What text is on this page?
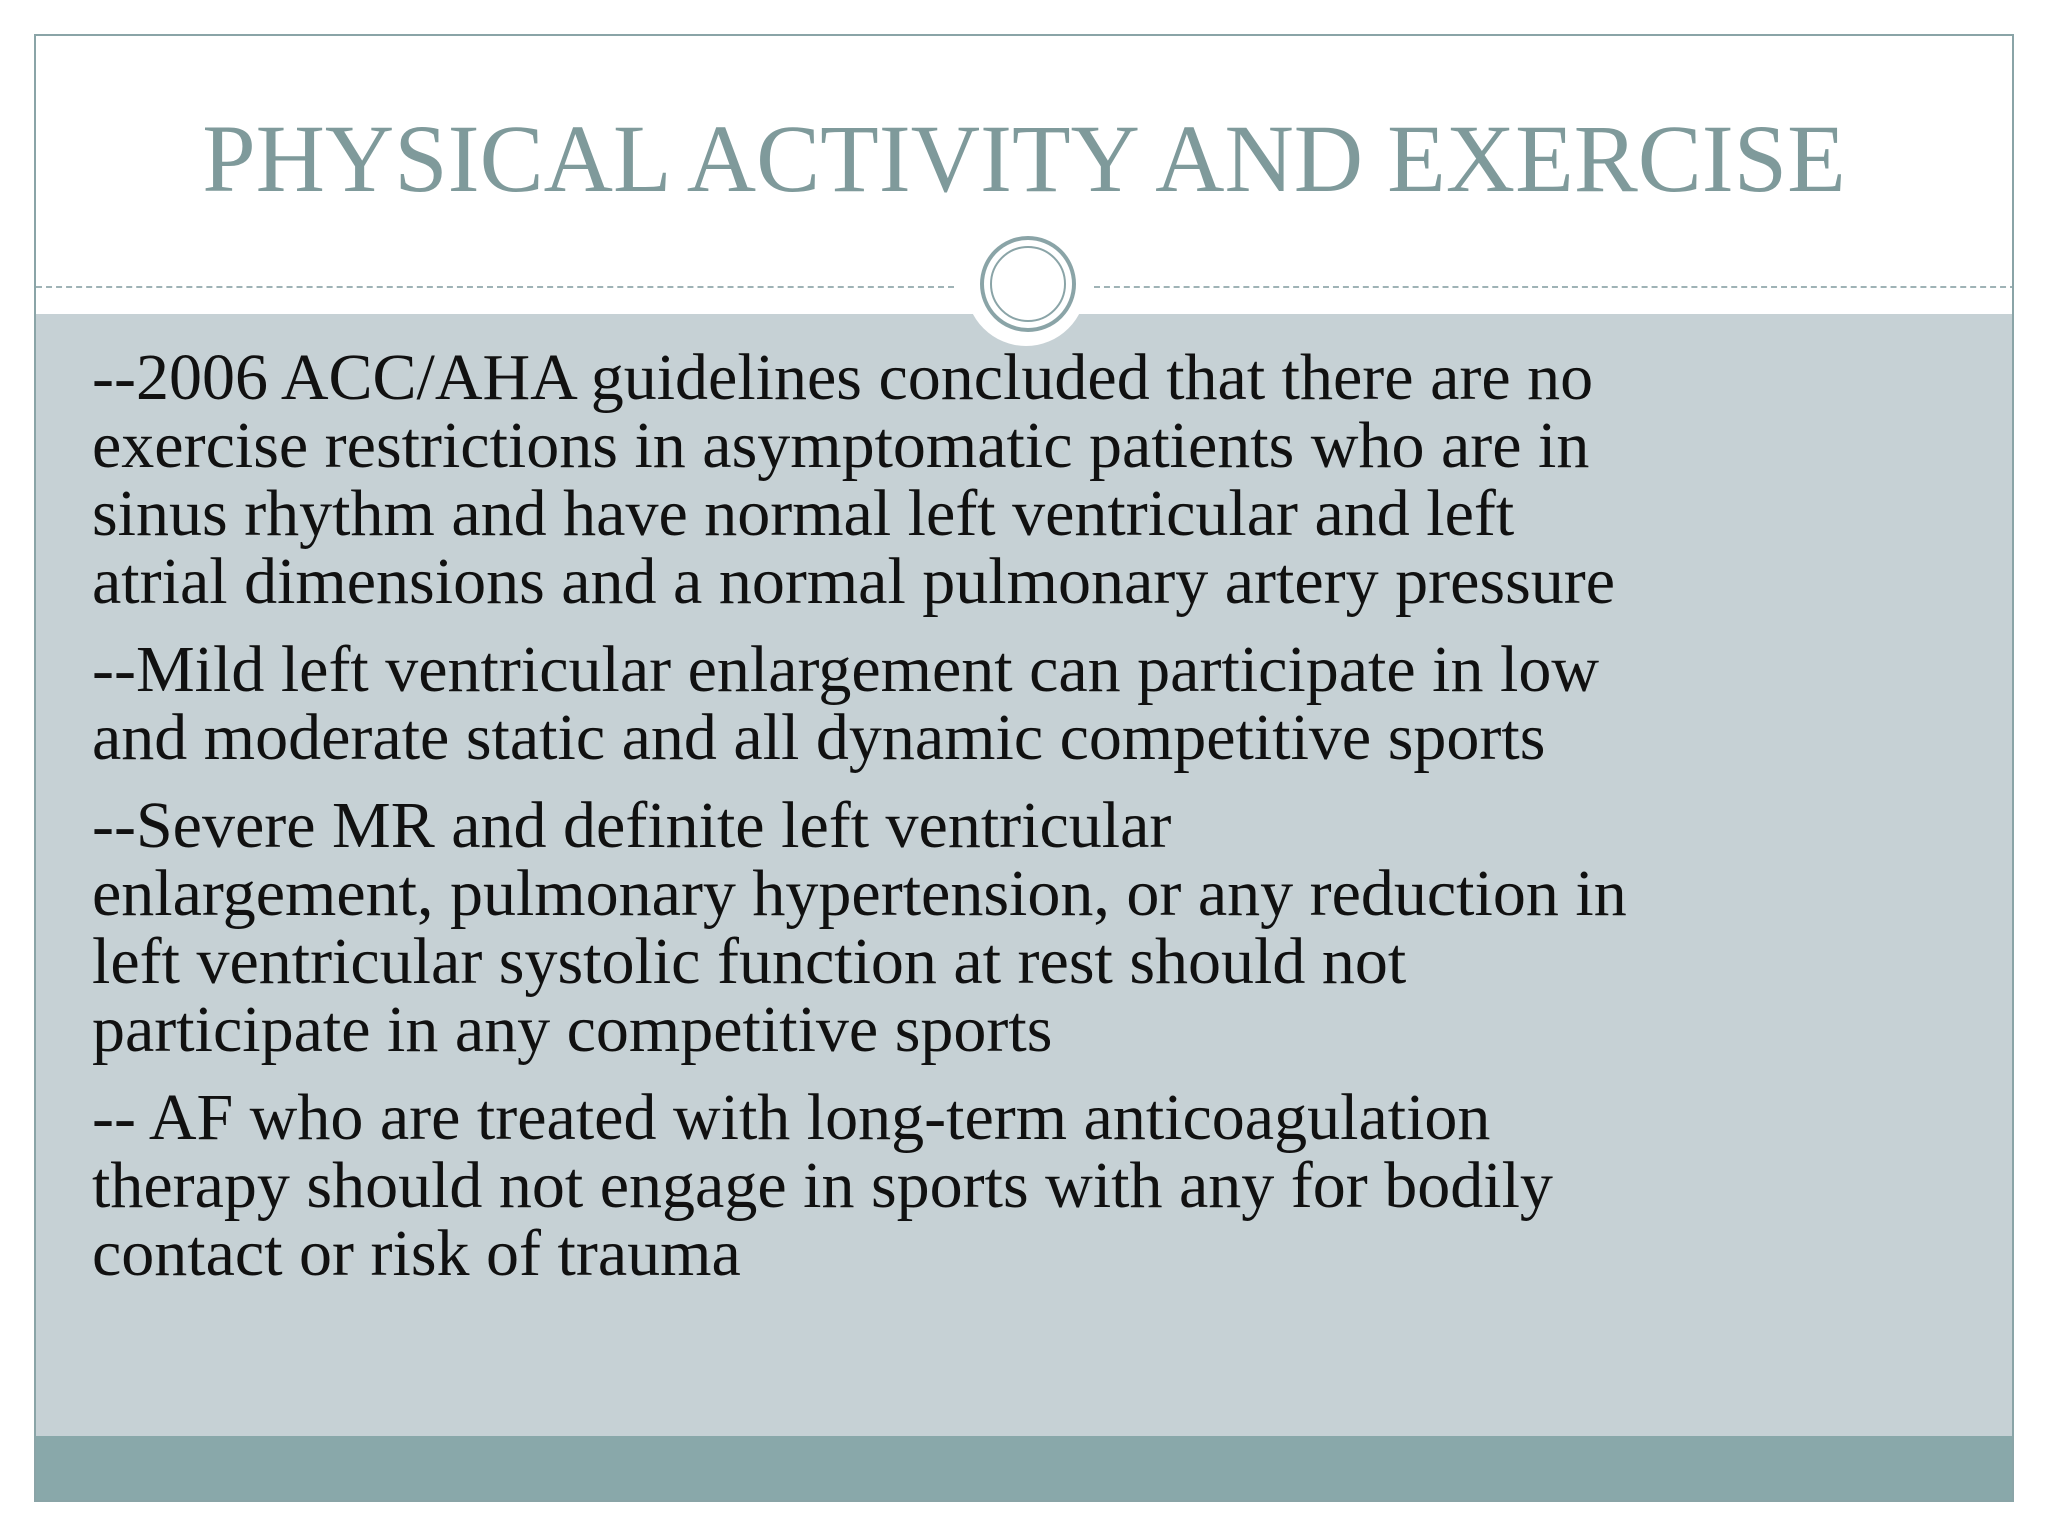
PHYSICAL ACTIVITY AND EXERCISE

--2006 ACC/AHA guidelines concluded that there are no
exercise restrictions in asymptomatic patients who are in
sinus rhythm and have normal left ventricular and left
atrial dimensions and a normal pulmonary artery pressure

--Mild left ventricular enlargement can participate in low
and moderate static and all dynamic competitive sports

--Severe MR and definite left ventricular
enlargement, pulmonary hypertension, or any reduction in
left ventricular systolic function at rest should not
participate in any competitive sports

-- AF who are treated with long-term anticoagulation
therapy should not engage in sports with any for bodily
contact or risk of trauma
